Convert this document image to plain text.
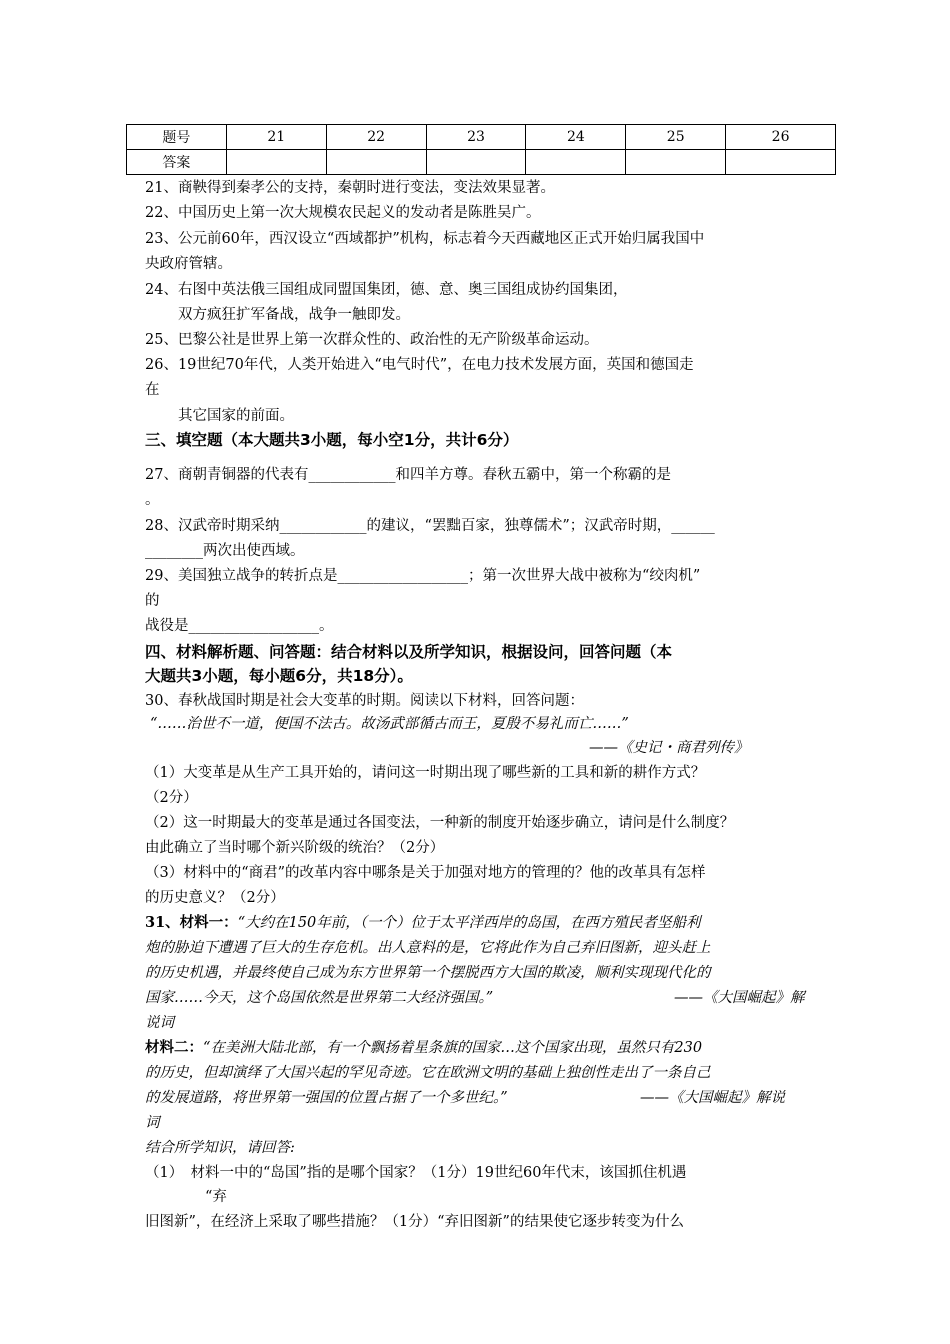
题号	21	22	23	24	25	26
答案						
21、商鞅得到秦孝公的支持，秦朝时进行变法，变法效果显著。
22、中国历史上第一次大规模农民起义的发动者是陈胜吴广。
23、公元前60年，西汉设立“西域都护”机构，标志着今天西藏地区正式开始归属我国中
央政府管辖。
24、右图中英法俄三国组成同盟国集团，德、意、奥三国组成协约国集团，
双方疯狂扩军备战，战争一触即发。
25、巴黎公社是世界上第一次群众性的、政治性的无产阶级革命运动。
26、19世纪70年代，人类开始进入“电气时代”，在电力技术发展方面，英国和德国走
在
其它国家的前面。
三、填空题（本大题共3小题，每小空1分，共计6分）
27、商朝青铜器的代表有____________和四羊方尊。春秋五霸中，第一个称霸的是
。
28、汉武帝时期采纳____________的建议，“罢黜百家，独尊儒术”；汉武帝时期，______
________两次出使西域。
29、美国独立战争的转折点是__________________；第一次世界大战中被称为“绞肉机”
的
战役是__________________。
四、材料解析题、问答题：结合材料以及所学知识，根据设问，回答问题（本
大题共3小题，每小题6分，共18分）。
30、春秋战国时期是社会大变革的时期。阅读以下材料，回答问题：
“……治世不一道，便国不法古。故汤武部循古而王，夏殷不易礼而亡……”
——《史记・商君列传》
（1）大变革是从生产工具开始的，请问这一时期出现了哪些新的工具和新的耕作方式？
（2分）
（2）这一时期最大的变革是通过各国变法，一种新的制度开始逐步确立，请问是什么制度？
由此确立了当时哪个新兴阶级的统治？（2分）
（3）材料中的“商君”的改革内容中哪条是关于加强对地方的管理的？他的改革具有怎样
的历史意义？（2分）
31、材料一：“大约在150年前，（一个）位于太平洋西岸的岛国，在西方殖民者坚船利
炮的胁迫下遭遇了巨大的生存危机。出人意料的是，它将此作为自己弃旧图新，迎头赶上
的历史机遇，并最终使自己成为东方世界第一个摆脱西方大国的欺凌，顺利实现现代化的
国家……今天，这个岛国依然是世界第二大经济强国。”	——《大国崛起》解
说词
材料二：“在美洲大陆北部，有一个飘扬着星条旗的国家…这个国家出现，虽然只有230
的历史，但却演绎了大国兴起的罕见奇迹。它在欧洲文明的基础上独创性走出了一条自己
的发展道路，将世界第一强国的位置占据了一个多世纪。”	——《大国崛起》解说
词
结合所学知识，请回答:
（1）　材料一中的“岛国”指的是哪个国家？（1分）19世纪60年代末，该国抓住机遇
“弃
旧图新”，在经济上采取了哪些措施？（1分）“弃旧图新”的结果使它逐步转变为什么
